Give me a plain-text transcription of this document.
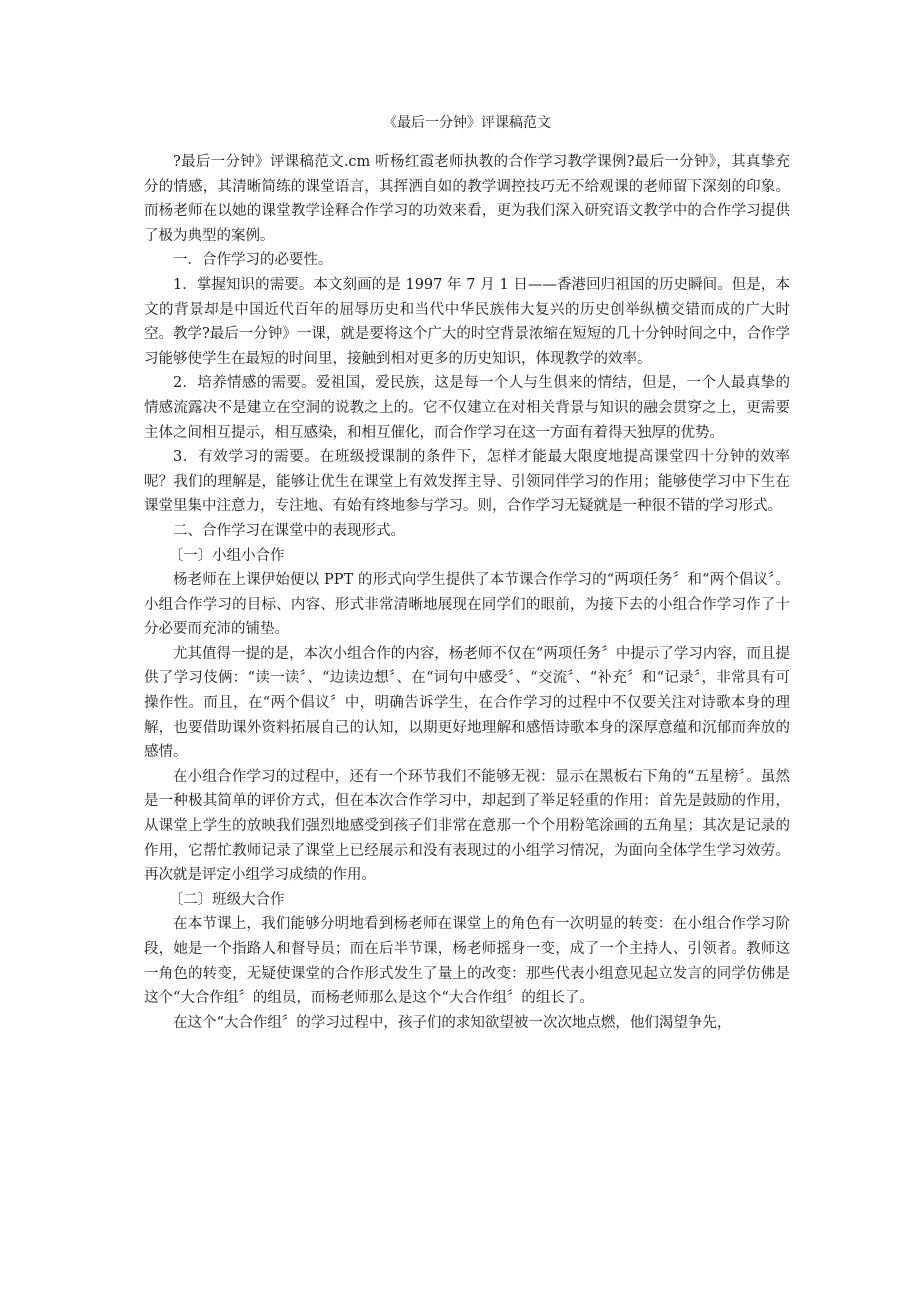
《最后一分钟》评课稿范文

?最后一分钟》评课稿范文.cm 听杨红霞老师执教的合作学习教学课例?最后一分钟》，其真挚充分的情感，其清晰简练的课堂语言，其挥洒自如的教学调控技巧无不给观课的老师留下深刻的印象。而杨老师在以她的课堂教学诠释合作学习的功效来看，更为我们深入研究语文教学中的合作学习提供了极为典型的案例。

一．合作学习的必要性。

1．掌握知识的需要。本文刻画的是 1997 年 7 月 1 日——香港回归祖国的历史瞬间。但是，本文的背景却是中国近代百年的屈辱历史和当代中华民族伟大复兴的历史创举纵横交错而成的广大时空。教学?最后一分钟》一课，就是要将这个广大的时空背景浓缩在短短的几十分钟时间之中，合作学习能够使学生在最短的时间里，接触到相对更多的历史知识，体现教学的效率。

2．培养情感的需要。爱祖国，爱民族，这是每一个人与生俱来的情结，但是，一个人最真挚的情感流露决不是建立在空洞的说教之上的。它不仅建立在对相关背景与知识的融会贯穿之上，更需要主体之间相互提示，相互感染，和相互催化，而合作学习在这一方面有着得天独厚的优势。

3．有效学习的需要。在班级授课制的条件下，怎样才能最大限度地提高课堂四十分钟的效率呢？我们的理解是，能够让优生在课堂上有效发挥主导、引领同伴学习的作用；能够使学习中下生在课堂里集中注意力，专注地、有始有终地参与学习。则，合作学习无疑就是一种很不错的学习形式。

二、合作学习在课堂中的表现形式。

〔一〕小组小合作

杨老师在上课伊始便以 PPT 的形式向学生提供了本节课合作学习的“两项任务〞和“两个倡议〞。小组合作学习的目标、内容、形式非常清晰地展现在同学们的眼前，为接下去的小组合作学习作了十分必要而充沛的铺垫。

尤其值得一提的是，本次小组合作的内容，杨老师不仅在“两项任务〞中提示了学习内容，而且提供了学习伎俩：“读一读〞、“边读边想〞、在“词句中感受〞、“交流〞、“补充〞和“记录〞，非常具有可操作性。而且，在“两个倡议〞中，明确告诉学生，在合作学习的过程中不仅要关注对诗歌本身的理解，也要借助课外资料拓展自己的认知，以期更好地理解和感悟诗歌本身的深厚意蕴和沉郁而奔放的感情。

在小组合作学习的过程中，还有一个环节我们不能够无视：显示在黑板右下角的“五星榜〞。虽然是一种极其简单的评价方式，但在本次合作学习中，却起到了举足轻重的作用：首先是鼓励的作用，从课堂上学生的放映我们强烈地感受到孩子们非常在意那一个个用粉笔涂画的五角星；其次是记录的作用，它帮忙教师记录了课堂上已经展示和没有表现过的小组学习情况，为面向全体学生学习效劳。再次就是评定小组学习成绩的作用。

〔二〕班级大合作

在本节课上，我们能够分明地看到杨老师在课堂上的角色有一次明显的转变：在小组合作学习阶段，她是一个指路人和督导员；而在后半节课，杨老师摇身一变，成了一个主持人、引领者。教师这一角色的转变，无疑使课堂的合作形式发生了量上的改变：那些代表小组意见起立发言的同学仿佛是这个“大合作组〞的组员，而杨老师那么是这个“大合作组〞的组长了。

在这个“大合作组〞的学习过程中，孩子们的求知欲望被一次次地点燃，他们渴望争先，
